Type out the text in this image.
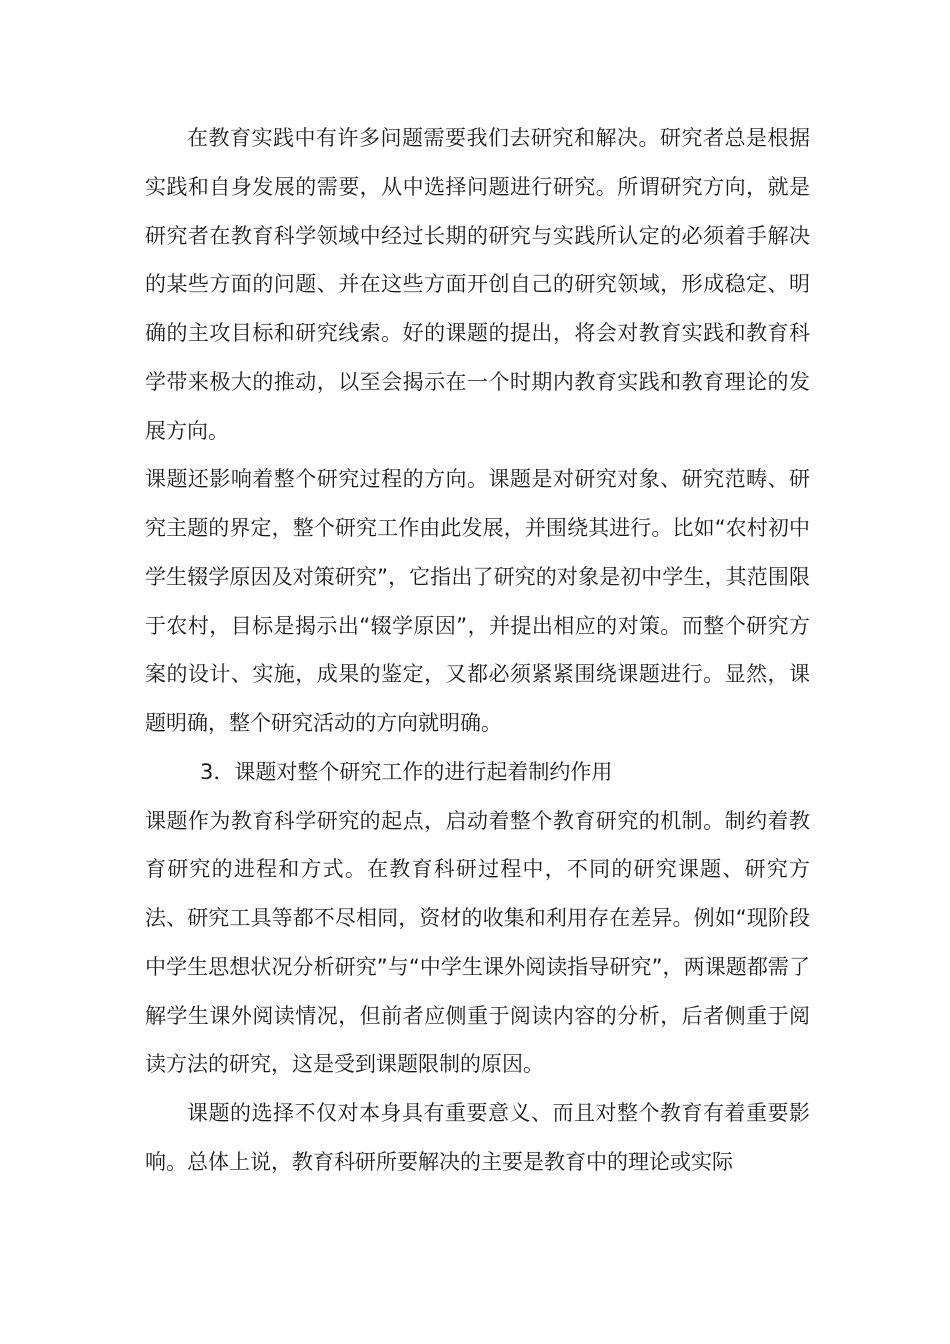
在教育实践中有许多问题需要我们去研究和解决。研究者总是根据实践和自身发展的需要，从中选择问题进行研究。所谓研究方向，就是研究者在教育科学领域中经过长期的研究与实践所认定的必须着手解决的某些方面的问题、并在这些方面开创自己的研究领域，形成稳定、明确的主攻目标和研究线索。好的课题的提出，将会对教育实践和教育科学带来极大的推动，以至会揭示在一个时期内教育实践和教育理论的发展方向。

课题还影响着整个研究过程的方向。课题是对研究对象、研究范畴、研究主题的界定，整个研究工作由此发展，并围绕其进行。比如“农村初中学生辍学原因及对策研究”，它指出了研究的对象是初中学生，其范围限于农村，目标是揭示出“辍学原因”，并提出相应的对策。而整个研究方案的设计、实施，成果的鉴定，又都必须紧紧围绕课题进行。显然，课题明确，整个研究活动的方向就明确。

3．课题对整个研究工作的进行起着制约作用

课题作为教育科学研究的起点，启动着整个教育研究的机制。制约着教育研究的进程和方式。在教育科研过程中，不同的研究课题、研究方法、研究工具等都不尽相同，资材的收集和利用存在差异。例如“现阶段中学生思想状况分析研究”与“中学生课外阅读指导研究”，两课题都需了解学生课外阅读情况，但前者应侧重于阅读内容的分析，后者侧重于阅读方法的研究，这是受到课题限制的原因。

课题的选择不仅对本身具有重要意义、而且对整个教育有着重要影响。总体上说，教育科研所要解决的主要是教育中的理论或实际
